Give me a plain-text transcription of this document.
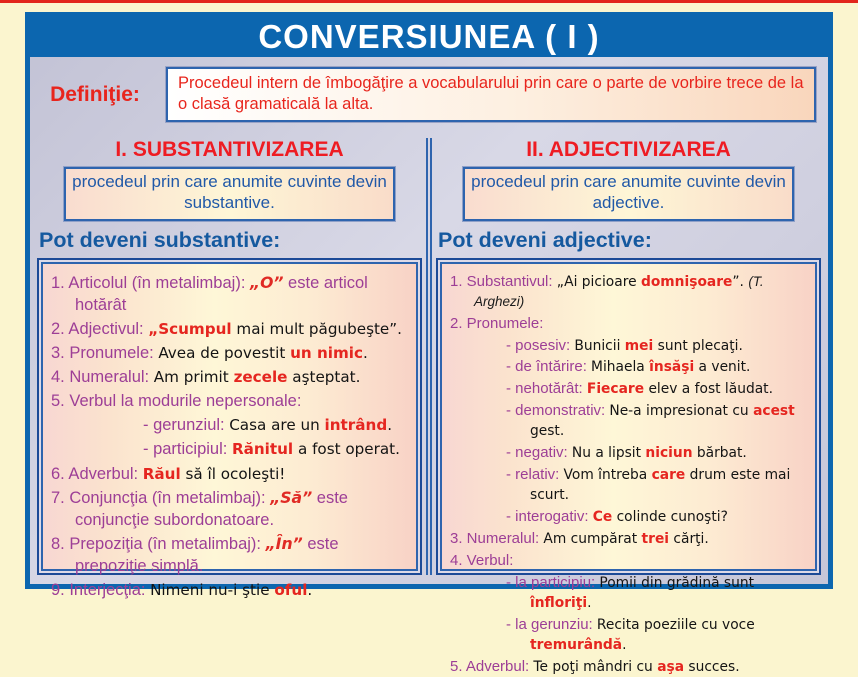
CONVERSIUNEA ( I )
Definiţie:	Procedeul intern de îmbogăţire a vocabularului prin care o parte de vorbire trece de la o clasă gramaticală la alta.
I. SUBSTANTIVIZAREA
procedeul prin care anumite cuvinte devin substantive.
Pot deveni substantive:
1. Articolul (în metalimbaj): „O” este articol hotărât
2. Adjectivul: „Scumpul mai mult păgubeşte”.
3. Pronumele: Avea de povestit un nimic.
4. Numeralul: Am primit zecele aşteptat.
5. Verbul la modurile nepersonale:
- gerunziul: Casa are un intrând.
- participiul: Rănitul a fost operat.
6. Adverbul: Răul să îl ocoleşti!
7. Conjuncţia (în metalimbaj): „Să” este conjuncţie subordonatoare.
8. Prepoziţia (în metalimbaj): „În” este prepoziţie simplă.
9. Interjecţia: Nimeni nu-i ştie oful.
II. ADJECTIVIZAREA
procedeul prin care anumite cuvinte devin adjective.
Pot deveni adjective:
1. Substantivul: „Ai picioare domnişoare”. (T. Arghezi)
2. Pronumele:
- posesiv: Bunicii mei sunt plecaţi.
- de întărire: Mihaela însăşi a venit.
- nehotărât: Fiecare elev a fost lăudat.
- demonstrativ: Ne-a impresionat cu acest gest.
- negativ: Nu a lipsit niciun bărbat.
- relativ: Vom întreba care drum este mai scurt.
- interogativ: Ce colinde cunoşti?
3. Numeralul: Am cumpărat trei cărţi.
4. Verbul:
- la participiu: Pomii din grădină sunt înfloriţi.
- la gerunziu: Recita poeziile cu voce tremurândă.
5. Adverbul: Te poţi mândri cu aşa succes.
